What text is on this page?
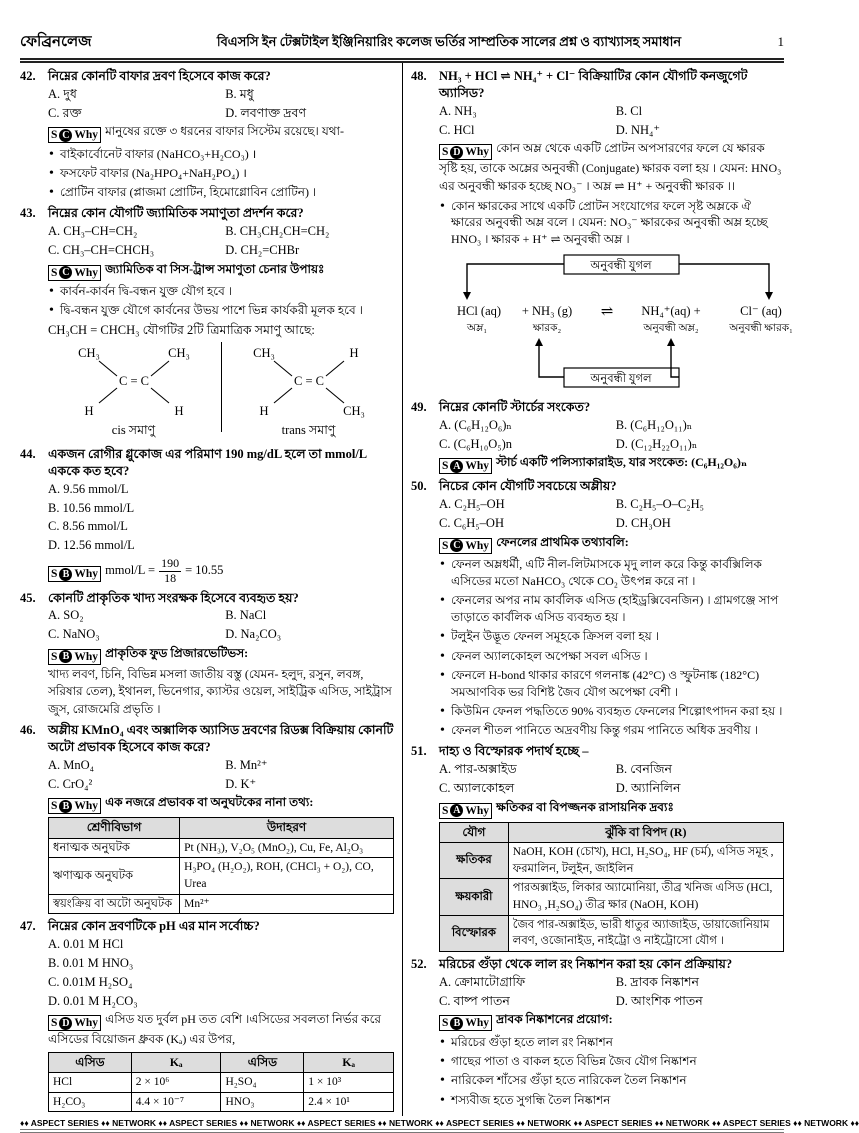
ফেব্রিনলেজ	বিএসসি ইন টেক্সটাইল ইঞ্জিনিয়ারিং কলেজ ভর্তির সাম্প্রতিক সালের প্রশ্ন ও ব্যাখ্যাসহ সমাধান	1
42. নিম্নের কোনটি বাফার দ্রবণ হিসেবে কাজ করে?

A. দুধ	B. মধু
C. রক্ত	D. লবণাক্ত দ্রবণ
S C Why মানুষের রক্তে ৩ ধরনের বাফার সিস্টেম রয়েছে। যথা-
• বাইকার্বোনেট বাফার (NaHCO₃+H₂CO₃) ।
• ফসফেট বাফার (Na₂HPO₄+NaH₂PO₄) ।
• প্রোটিন বাফার (প্লাজমা প্রোটিন, হিমোগ্লোবিন প্রোটিন) ।
43. নিম্নের কোন যৌগটি জ্যামিতিক সমাণুতা প্রদর্শন করে?

A. CH₃–CH=CH₂	B. CH₃CH₂CH=CH₂
C. CH₃–CH=CHCH₃	D. CH₂=CHBr
S C Why জ্যামিতিক বা সিস-ট্রান্স সমাণুতা চেনার উপায়ঃ
• কার্বন-কার্বন দ্বি-বন্ধন যুক্ত যৌগ হবে ।
• দ্বি-বন্ধন যুক্ত যৌগে কার্বনের উভয় পাশে ভিন্ন কার্যকরী মূলক হবে ।

CH₃CH = CHCH₃ যৌগটির 2টি ত্রিমাত্রিক সমাণু আছে:

CH₃	CH₃
C = C
H	H
cis সমাণু
CH₃	H
C = C
H	CH₃
trans সমাণু
44. একজন রোগীর গ্লুকোজ এর পরিমাণ 190 mg/dL হলে তা mmol/L এককে কত হবে?

A. 9.56 mmol/L
B. 10.56 mmol/L
C. 8.56 mmol/L
D. 12.56 mmol/L
S B Why mmol/L = $\frac{190}{18} = 10.55$
45. কোনটি প্রাকৃতিক খাদ্য সংরক্ষক হিসেবে ব্যবহৃত হয়?

A. SO₂	B. NaCl
C. NaNO₃	D. Na₂CO₃
S B Why প্রাকৃতিক ফুড প্রিজারভেটিভস:

খাদ্য লবণ, চিনি, বিভিন্ন মসলা জাতীয় বস্তু (যেমন- হলুদ, রসুন, লবঙ্গ, সরিষার তেল), ইথানল, ভিনেগার, ক্যাস্টর ওয়েল, সাইট্রিক এসিড, সাইট্রাস জুস, রোজমেরি প্রভৃতি ।

46. অম্লীয় KMnO₄ এবং অক্সালিক অ্যাসিড দ্রবণের রিডক্স বিক্রিয়ায় কোনটি অটো প্রভাবক হিসেবে কাজ করে?

A. MnO₄	B. Mn²⁺
C. CrO₄²	D. K⁺
S B Why এক নজরে প্রভাবক বা অনুঘটকের নানা তথ্য:
শ্রেণীবিভাগ	উদাহরণ
ধনাত্মক অনুঘটক	Pt (NH₃), V₂O₅ (MnO₂), Cu, Fe, Al₂O₃
ঋণাত্মক অনুঘটক	H₃PO₄ (H₂O₂), ROH, (CHCl₃ + O₂), CO, Urea
স্বয়ংক্রিয় বা অটো অনুঘটক	Mn²⁺
47. নিম্নের কোন দ্রবণটিকে pH এর মান সর্বোচ্চ?

A. 0.01 M HCl
B. 0.01 M HNO₃
C. 0.01M H₂SO₄
D. 0.01 M H₂CO₃
S D Why এসিড যত দুর্বল pH তত বেশি ।এসিডের সবলতা নির্ভর করে এসিডের বিয়োজন ধ্রুবক (Kₐ) এর উপর,
এসিড	Kₐ	এসিড	Kₐ
HCl	2 × 10⁶	H₂SO₄	1 × 10³
H₂CO₃	4.4 × 10⁻⁷	HNO₃	2.4 × 10¹
48. NH₃ + HCl ⇌ NH₄⁺ + Cl⁻ বিক্রিয়াটির কোন যৌগটি কনজুগেট অ্যাসিড?

A. NH₃	B. Cl
C. HCl	D. NH₄⁺
S D Why কোন অম্ল থেকে একটি প্রোটন অপসারণের ফলে যে ক্ষারক সৃষ্টি হয়, তাকে অম্লের অনুবন্ধী (Conjugate) ক্ষারক বলা হয় । যেমন: HNO₃ এর অনুবন্ধী ক্ষারক হচ্ছে NO₃⁻ । অম্ল ⇌ H⁺ + অনুবন্ধী ক্ষারক ।।
• কোন ক্ষারকের সাথে একটি প্রোটন সংযোগের ফলে সৃষ্ট অম্লকে ঐ ক্ষারের অনুবন্ধী অম্ল বলে । যেমন: NO₃⁻ ক্ষারকের অনুবন্ধী অম্ল হচ্ছে HNO₃ । ক্ষারক + H⁺ ⇌ অনুবন্ধী অম্ল ।
অনুবন্ধী যুগল
HCl (aq) + NH₃ (g) ⇌ NH₄⁺(aq) +	Cl⁻ (aq)
অম্ল₁	ক্ষারক₂	অনুবন্ধী অম্ল₂	অনুবন্ধী ক্ষারক₁
অনুবন্ধী যুগল
49. নিম্নের কোনটি স্টার্চের সংকেত?

A. (C₆H₁₂O₆)ₙ	B. (C₆H₁₂O₁₁)ₙ
C. (C₆H₁₀O₅)n	D. (C₁₂H₂₂O₁₁)ₙ
S A Why স্টার্চ একটি পলিস্যাকারাইড, যার সংকেত: (C₆H₁₂O₆)ₙ
50. নিচের কোন যৌগটি সবচেয়ে অম্লীয়?

A. C₂H₅–OH	B. C₂H₅–O–C₂H₅
C. C₆H₅–OH	D. CH₃OH
S C Why ফেনলের প্রাথমিক তথ্যাবলি:
• ফেনল অম্লধর্মী, এটি নীল-লিটমাসকে মৃদু লাল করে কিন্তু কার্বক্সিলিক এসিডের মতো NaHCO₃ থেকে CO₂ উৎপন্ন করে না ।
• ফেনলের অপর নাম কার্বলিক এসিড (হাইড্রক্সিবেনজিন) । গ্রামগঞ্জে সাপ তাড়াতে কার্বলিক এসিড ব্যবহৃত হয় ।
• টলুইন উদ্ভূত ফেনল সমূহকে ক্রিসল বলা হয় ।
• ফেনল অ্যালকোহল অপেক্ষা সবল এসিড ।
• ফেনলে H-bond থাকার কারণে গলনাঙ্ক (42°C) ও স্ফুটনাঙ্ক (182°C) সমআণবিক ভর বিশিষ্ট জৈব যৌগ অপেক্ষা বেশী ।
• কিউমিন ফেনল পদ্ধতিতে 90% ব্যবহৃত ফেনলের শিল্পোৎপাদন করা হয় ।
• ফেনল শীতল পানিতে অদ্রবণীয় কিন্তু গরম পানিতে অধিক দ্রবণীয় ।
51. দাহ্য ও বিস্ফোরক পদার্থ হচ্ছে –

A. পার-অক্সাইড	B. বেনজিন
C. অ্যালকোহল	D. অ্যানিলিন
S A Why ক্ষতিকর বা বিপজ্জনক রাসায়নিক দ্রব্যঃ
যৌগ	ঝুঁকি বা বিপদ (R)
ক্ষতিকর	NaOH, KOH (চোখ), HCl, H₂SO₄, HF (চর্ম), এসিড সমূহ , ফরমালিন, টলুইন, জাইলিন
ক্ষয়কারী	পারঅক্সাইড, লিকার অ্যামোনিয়া, তীব্র খনিজ এসিড (HCl, HNO₃ ,H₂SO₄) তীব্র ক্ষার (NaOH, KOH)
বিস্ফোরক	জৈব পার-অক্সাইড, ভারী ধাতুর অ্যাজাইড, ডায়াজোনিয়াম লবণ, ওজোনাইড, নাইট্রো ও নাইট্রোসো যৌগ ।
52. মরিচের গুঁড়া থেকে লাল রং নিষ্কাশন করা হয় কোন প্রক্রিয়ায়?

A. ক্রোমাটোগ্রাফি	B. দ্রাবক নিষ্কাশন
C. বাষ্প পাতন	D. আংশিক পাতন
S B Why দ্রাবক নিষ্কাশনের প্রয়োগ:
• মরিচের গুঁড়া হতে লাল রং নিষ্কাশন
• গাছের পাতা ও বাকল হতে বিভিন্ন জৈব যৌগ নিষ্কাশন
• নারিকেল শাঁসের গুঁড়া হতে নারিকেল তৈল নিষ্কাশন
• শস্যবীজ হতে সুগন্ধি তৈল নিষ্কাশন
♦♦ ASPECT SERIES ♦♦ NETWORK ♦♦ ASPECT SERIES ♦♦ NETWORK ♦♦ ASPECT SERIES ♦♦ NETWORK ♦♦ ASPECT SERIES ♦♦ NETWORK ♦♦ ASPECT SERIES ♦♦ NETWORK ♦♦ ASPECT SERIES ♦♦ NETWORK ♦♦
